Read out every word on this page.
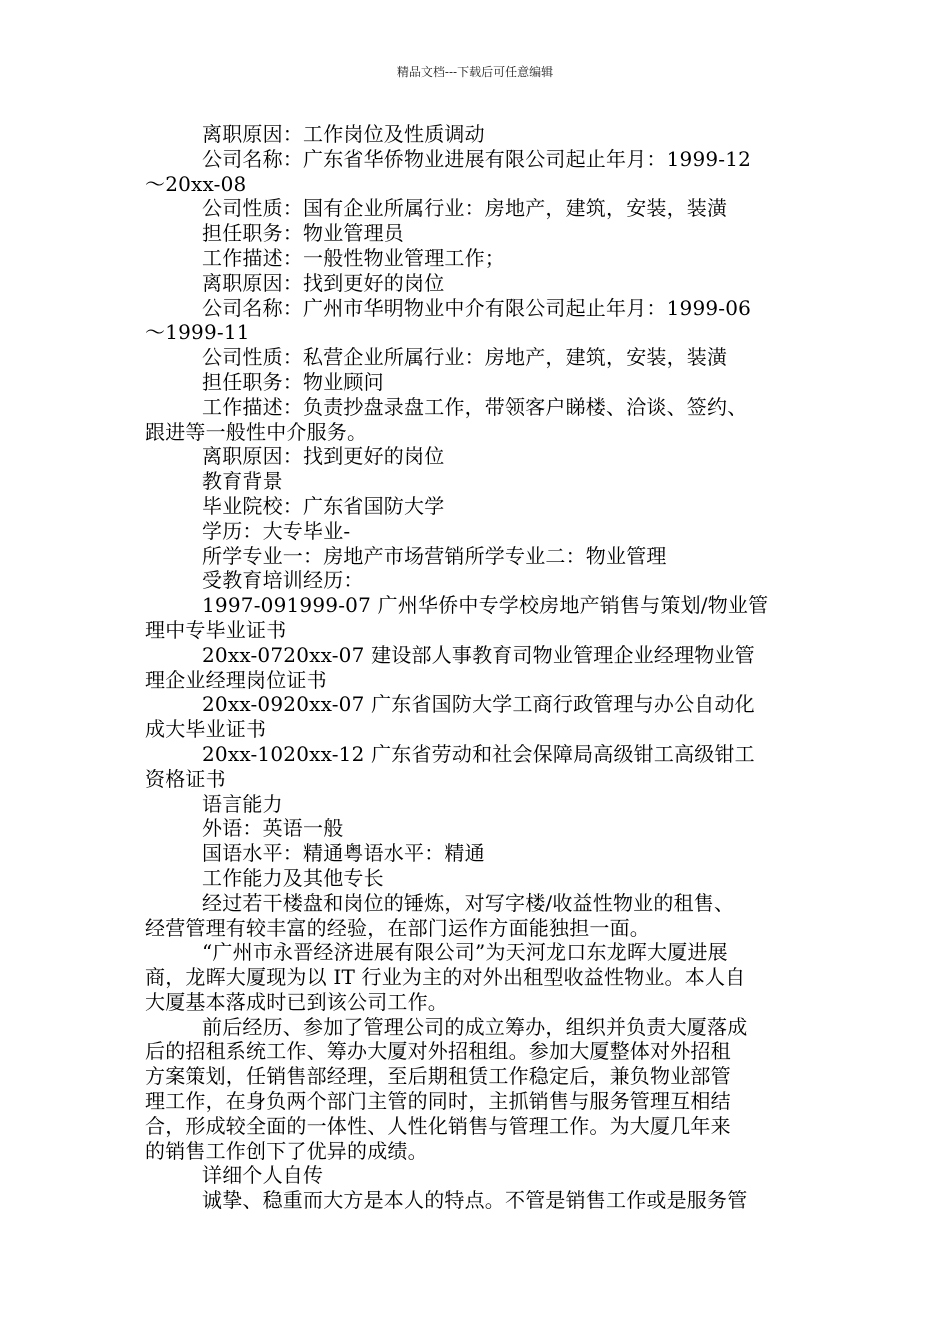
精品文档---下载后可任意编辑
离职原因：工作岗位及性质调动
公司名称：广东省华侨物业进展有限公司起止年月：1999-12
～20xx-08
公司性质：国有企业所属行业：房地产，建筑，安装，装潢
担任职务：物业管理员
工作描述：一般性物业管理工作；
离职原因：找到更好的岗位
公司名称：广州市华明物业中介有限公司起止年月：1999-06
～1999-11
公司性质：私营企业所属行业：房地产，建筑，安装，装潢
担任职务：物业顾问
工作描述：负责抄盘录盘工作，带领客户睇楼、洽谈、签约、
跟进等一般性中介服务。
离职原因：找到更好的岗位
教育背景
毕业院校：广东省国防大学
学历：大专毕业-
所学专业一：房地产市场营销所学专业二：物业管理
受教育培训经历：
1997-091999-07 广州华侨中专学校房地产销售与策划/物业管
理中专毕业证书
20xx-0720xx-07 建设部人事教育司物业管理企业经理物业管
理企业经理岗位证书
20xx-0920xx-07 广东省国防大学工商行政管理与办公自动化
成大毕业证书
20xx-1020xx-12 广东省劳动和社会保障局高级钳工高级钳工
资格证书
语言能力
外语：英语一般
国语水平：精通粤语水平：精通
工作能力及其他专长
经过若干楼盘和岗位的锤炼，对写字楼/收益性物业的租售、
经营管理有较丰富的经验，在部门运作方面能独担一面。
“广州市永晋经济进展有限公司”为天河龙口东龙晖大厦进展
商，龙晖大厦现为以 IT 行业为主的对外出租型收益性物业。本人自
大厦基本落成时已到该公司工作。
前后经历、参加了管理公司的成立筹办，组织并负责大厦落成
后的招租系统工作、筹办大厦对外招租组。参加大厦整体对外招租
方案策划，任销售部经理，至后期租赁工作稳定后，兼负物业部管
理工作，在身负两个部门主管的同时，主抓销售与服务管理互相结
合，形成较全面的一体性、人性化销售与管理工作。为大厦几年来
的销售工作创下了优异的成绩。
详细个人自传
诚挚、稳重而大方是本人的特点。不管是销售工作或是服务管
